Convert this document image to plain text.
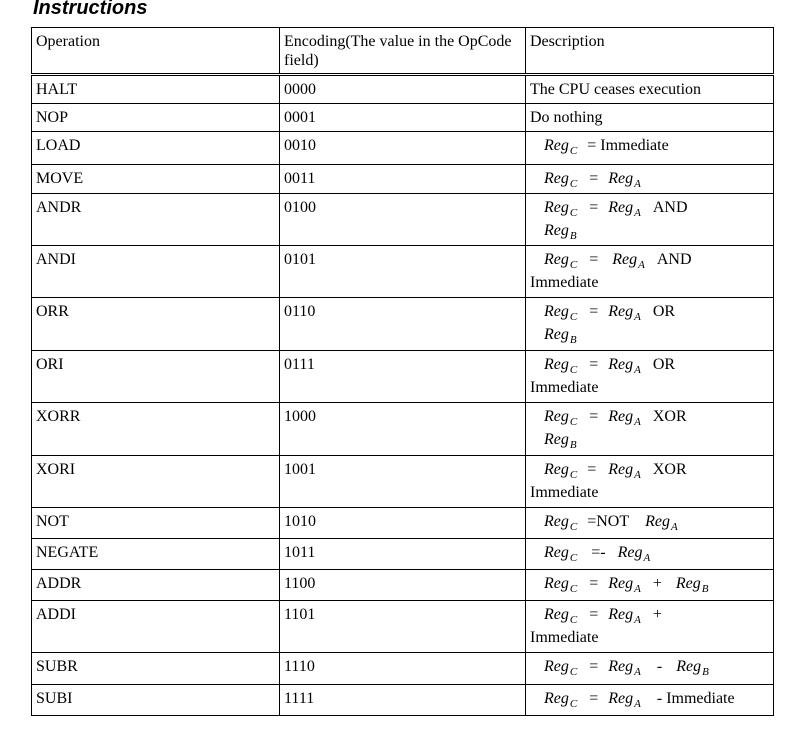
Instructions
Operation	Encoding(The value in the OpCode field)	Description
HALT	0000	The CPU ceases execution
NOP	0001	Do nothing
LOAD	0010	Reg$_C$ = Immediate
MOVE	0011	Reg$_C$ = Reg$_A$
ANDR	0100	Reg$_C$ = Reg$_A$ AND
Reg$_B$
ANDI	0101	Reg$_C$ = Reg$_A$ AND
Immediate
ORR	0110	Reg$_C$ = Reg$_A$ OR
Reg$_B$
ORI	0111	Reg$_C$ = Reg$_A$ OR
Immediate
XORR	1000	Reg$_C$ = Reg$_A$ XOR
Reg$_B$
XORI	1001	Reg$_C$ = Reg$_A$ XOR
Immediate
NOT	1010	Reg$_C$ =NOT Reg$_A$
NEGATE	1011	Reg$_C$ =- Reg$_A$
ADDR	1100	Reg$_C$ = Reg$_A$ + Reg$_B$
ADDI	1101	Reg$_C$ = Reg$_A$ +
Immediate
SUBR	1110	Reg$_C$ = Reg$_A$ - Reg$_B$
SUBI	1111	Reg$_C$ = Reg$_A$ - Immediate
